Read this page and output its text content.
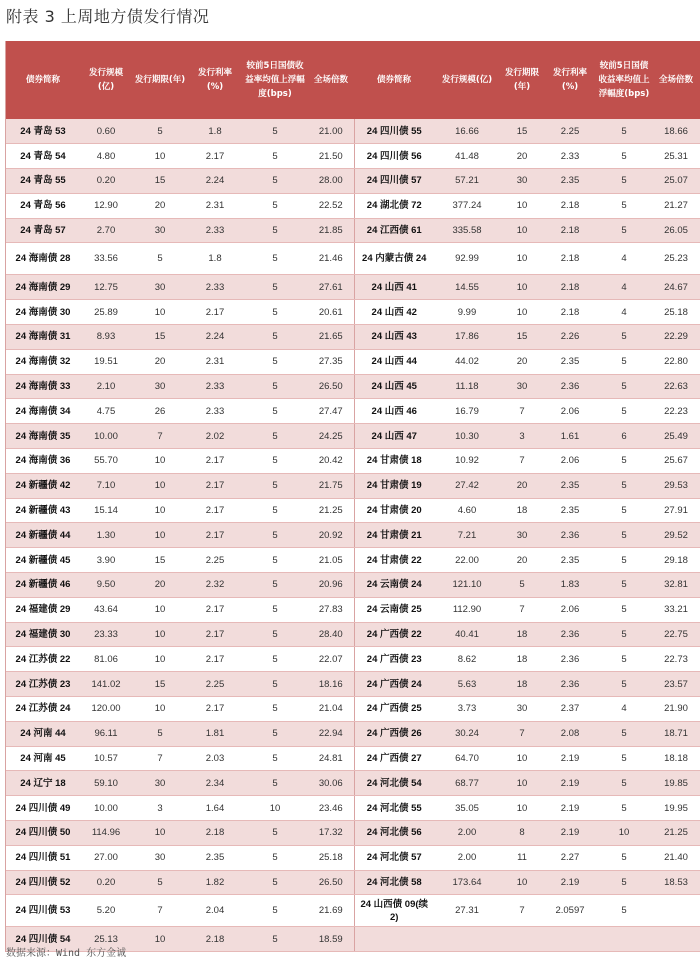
附表 3 上周地方债发行情况
债券简称	发行规模(亿)	发行期限(年)	发行利率(%)	较前5日国债收益率均值上浮幅度(bps)	全场倍数	债券简称	发行规模(亿)	发行期限(年)	发行利率(%)	较前5日国债收益率均值上浮幅度(bps)	全场倍数
24 青岛 53	0.60	5	1.8	5	21.00	24 四川债 55	16.66	15	2.25	5	18.66
24 青岛 54	4.80	10	2.17	5	21.50	24 四川债 56	41.48	20	2.33	5	25.31
24 青岛 55	0.20	15	2.24	5	28.00	24 四川债 57	57.21	30	2.35	5	25.07
24 青岛 56	12.90	20	2.31	5	22.52	24 湖北债 72	377.24	10	2.18	5	21.27
24 青岛 57	2.70	30	2.33	5	21.85	24 江西债 61	335.58	10	2.18	5	26.05
24 海南债 28	33.56	5	1.8	5	21.46	24 内蒙古债 24	92.99	10	2.18	4	25.23
24 海南债 29	12.75	30	2.33	5	27.61	24 山西 41	14.55	10	2.18	4	24.67
24 海南债 30	25.89	10	2.17	5	20.61	24 山西 42	9.99	10	2.18	4	25.18
24 海南债 31	8.93	15	2.24	5	21.65	24 山西 43	17.86	15	2.26	5	22.29
24 海南债 32	19.51	20	2.31	5	27.35	24 山西 44	44.02	20	2.35	5	22.80
24 海南债 33	2.10	30	2.33	5	26.50	24 山西 45	11.18	30	2.36	5	22.63
24 海南债 34	4.75	26	2.33	5	27.47	24 山西 46	16.79	7	2.06	5	22.23
24 海南债 35	10.00	7	2.02	5	24.25	24 山西 47	10.30	3	1.61	6	25.49
24 海南债 36	55.70	10	2.17	5	20.42	24 甘肃债 18	10.92	7	2.06	5	25.67
24 新疆债 42	7.10	10	2.17	5	21.75	24 甘肃债 19	27.42	20	2.35	5	29.53
24 新疆债 43	15.14	10	2.17	5	21.25	24 甘肃债 20	4.60	18	2.35	5	27.91
24 新疆债 44	1.30	10	2.17	5	20.92	24 甘肃债 21	7.21	30	2.36	5	29.52
24 新疆债 45	3.90	15	2.25	5	21.05	24 甘肃债 22	22.00	20	2.35	5	29.18
24 新疆债 46	9.50	20	2.32	5	20.96	24 云南债 24	121.10	5	1.83	5	32.81
24 福建债 29	43.64	10	2.17	5	27.83	24 云南债 25	112.90	7	2.06	5	33.21
24 福建债 30	23.33	10	2.17	5	28.40	24 广西债 22	40.41	18	2.36	5	22.75
24 江苏债 22	81.06	10	2.17	5	22.07	24 广西债 23	8.62	18	2.36	5	22.73
24 江苏债 23	141.02	15	2.25	5	18.16	24 广西债 24	5.63	18	2.36	5	23.57
24 江苏债 24	120.00	10	2.17	5	21.04	24 广西债 25	3.73	30	2.37	4	21.90
24 河南 44	96.11	5	1.81	5	22.94	24 广西债 26	30.24	7	2.08	5	18.71
24 河南 45	10.57	7	2.03	5	24.81	24 广西债 27	64.70	10	2.19	5	18.18
24 辽宁 18	59.10	30	2.34	5	30.06	24 河北债 54	68.77	10	2.19	5	19.85
24 四川债 49	10.00	3	1.64	10	23.46	24 河北债 55	35.05	10	2.19	5	19.95
24 四川债 50	114.96	10	2.18	5	17.32	24 河北债 56	2.00	8	2.19	10	21.25
24 四川债 51	27.00	30	2.35	5	25.18	24 河北债 57	2.00	11	2.27	5	21.40
24 四川债 52	0.20	5	1.82	5	26.50	24 河北债 58	173.64	10	2.19	5	18.53
24 四川债 53	5.20	7	2.04	5	21.69	24 山西债 09(续 2)	27.31	7	2.0597	5	
24 四川债 54	25.13	10	2.18	5	18.59						
数据来源：Wind 东方金诚
